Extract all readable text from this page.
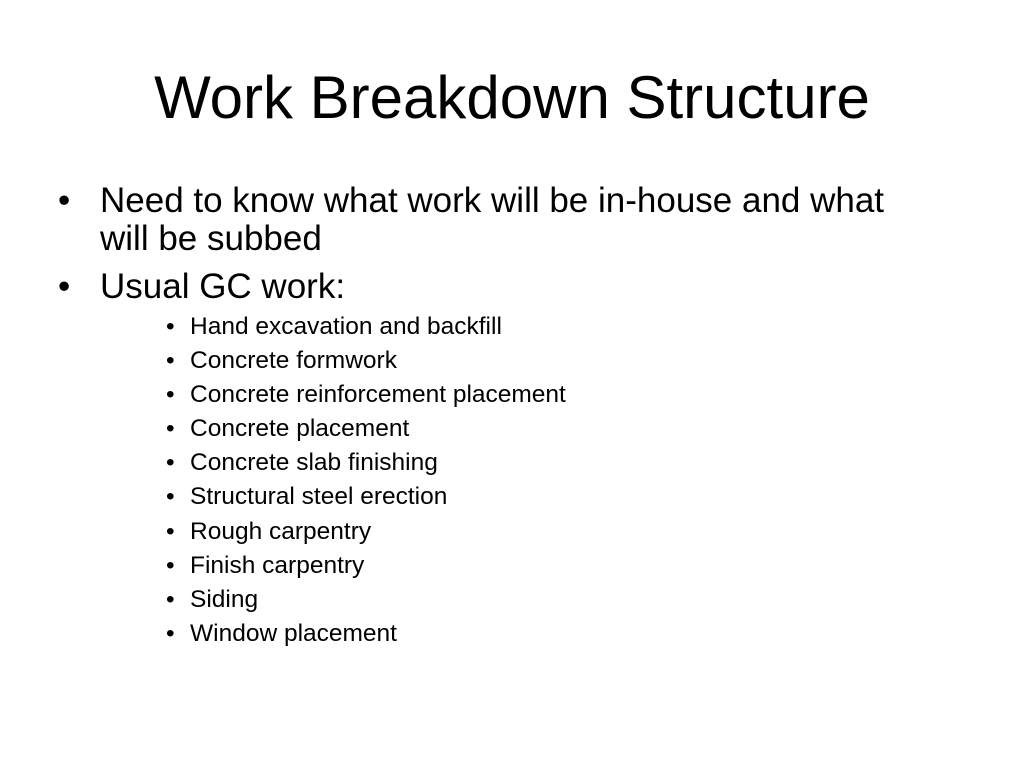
Work Breakdown Structure
• Need to know what work will be in-house and what will be subbed
• Usual GC work:
• Hand excavation and backfill
• Concrete formwork
• Concrete reinforcement placement
• Concrete placement
• Concrete slab finishing
• Structural steel erection
• Rough carpentry
• Finish carpentry
• Siding
• Window placement
